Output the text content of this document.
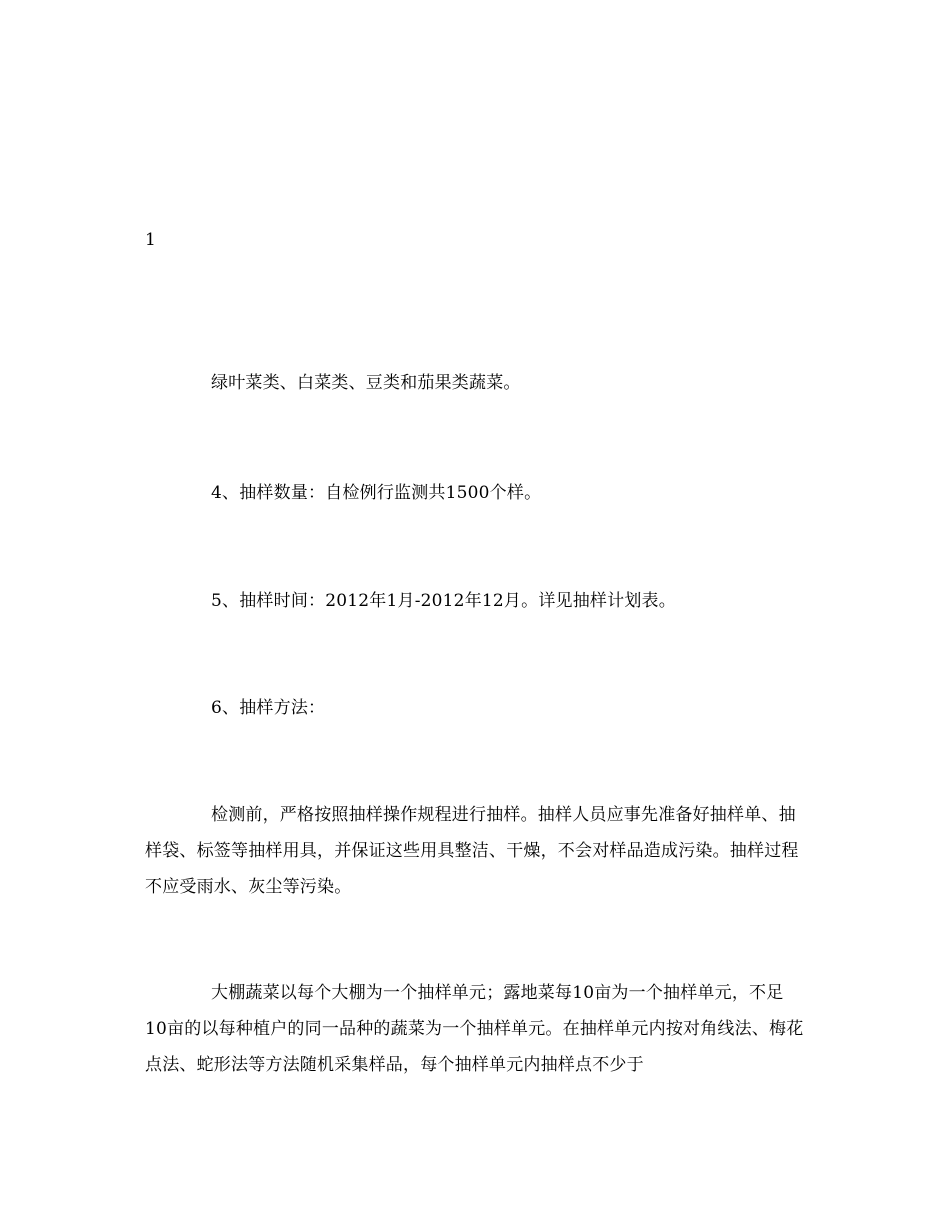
1

绿叶菜类、白菜类、豆类和茄果类蔬菜。

4、抽样数量：自检例行监测共1500个样。

5、抽样时间：2012年1月-2012年12月。详见抽样计划表。

6、抽样方法：

检测前，严格按照抽样操作规程进行抽样。抽样人员应事先准备好抽样单、抽样袋、标签等抽样用具，并保证这些用具整洁、干燥，不会对样品造成污染。抽样过程不应受雨水、灰尘等污染。

大棚蔬菜以每个大棚为一个抽样单元；露地菜每10亩为一个抽样单元，不足10亩的以每种植户的同一品种的蔬菜为一个抽样单元。在抽样单元内按对角线法、梅花点法、蛇形法等方法随机采集样品，每个抽样单元内抽样点不少于
